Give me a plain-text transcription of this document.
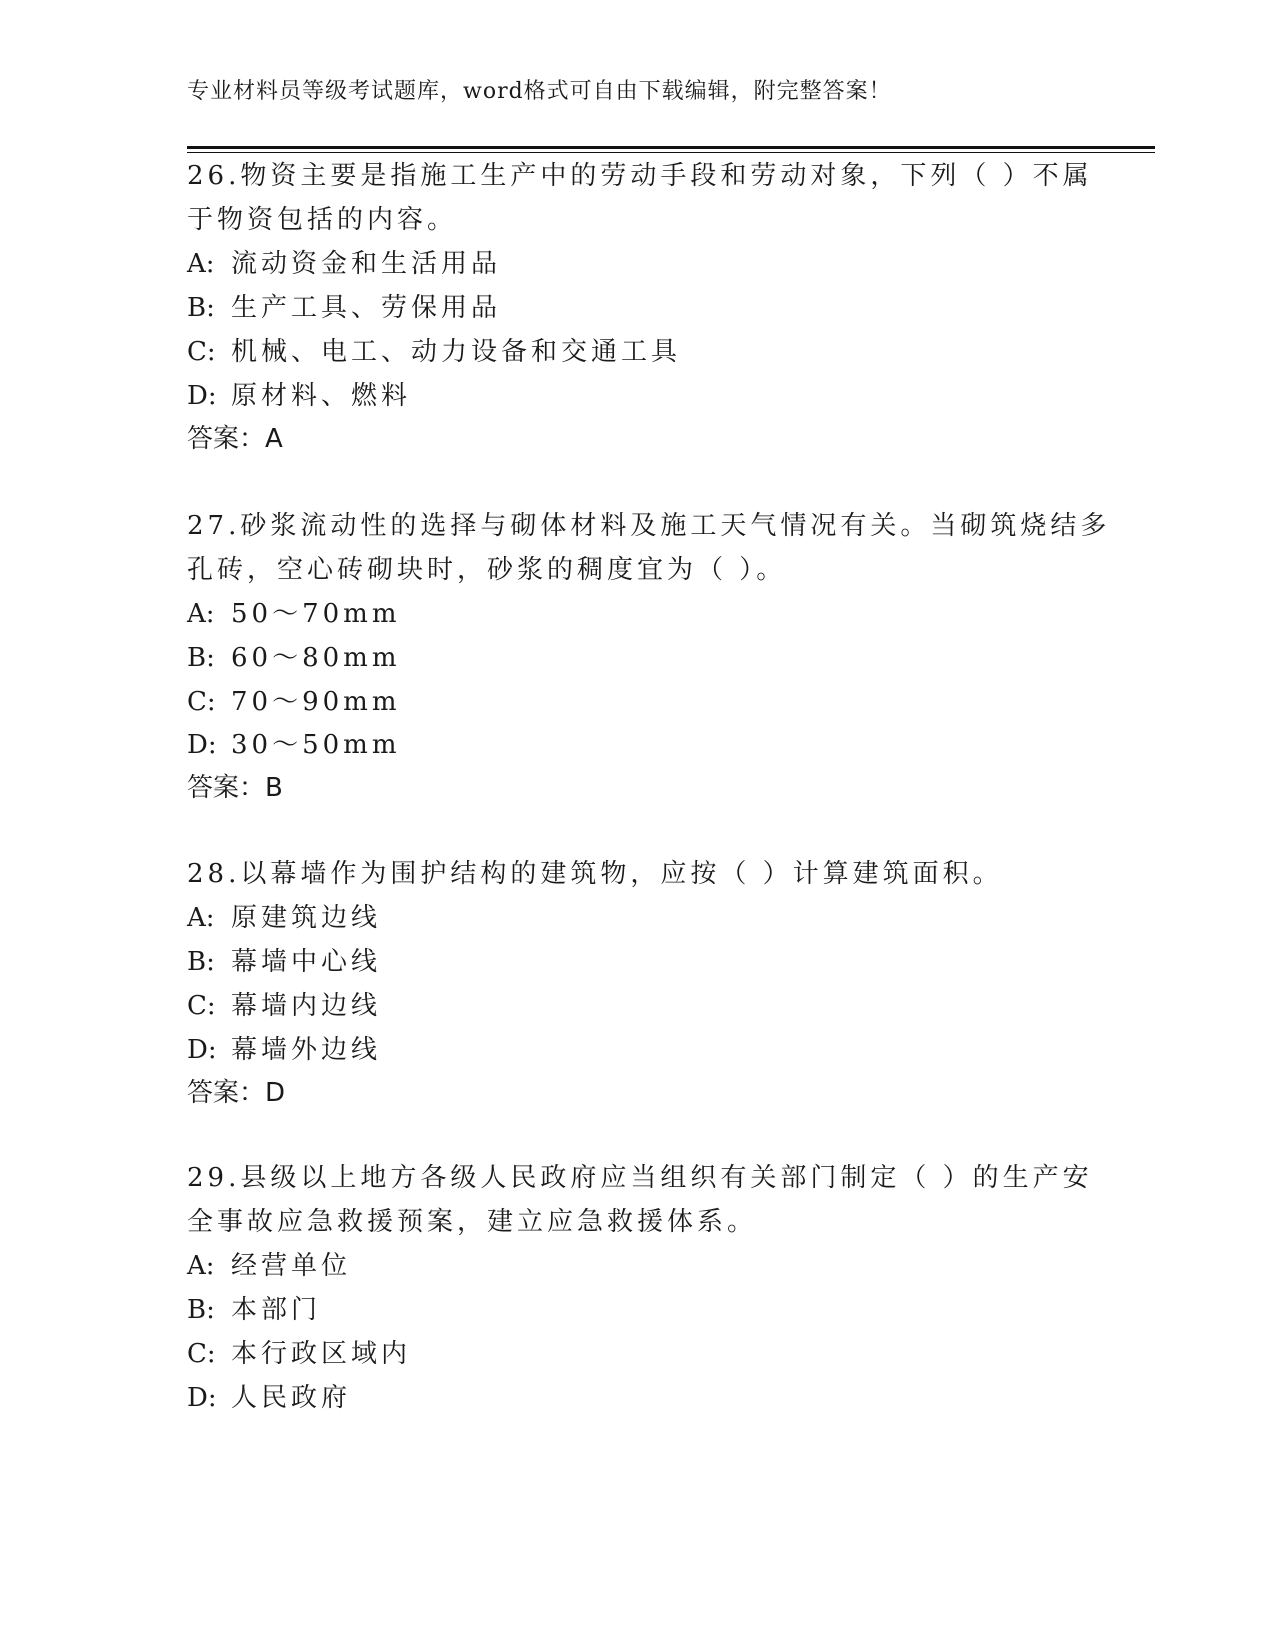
专业材料员等级考试题库，word格式可自由下载编辑，附完整答案！
26.物资主要是指施工生产中的劳动手段和劳动对象，下列（ ）不属
于物资包括的内容。
A: 流动资金和生活用品
B: 生产工具、劳保用品
C: 机械、电工、动力设备和交通工具
D: 原材料、燃料
答案：A
27.砂浆流动性的选择与砌体材料及施工天气情况有关。当砌筑烧结多
孔砖，空心砖砌块时，砂浆的稠度宜为（ ）。
A: 50～70mm
B: 60～80mm
C: 70～90mm
D: 30～50mm
答案：B
28.以幕墙作为围护结构的建筑物，应按（ ）计算建筑面积。
A: 原建筑边线
B: 幕墙中心线
C: 幕墙内边线
D: 幕墙外边线
答案：D
29.县级以上地方各级人民政府应当组织有关部门制定（ ）的生产安
全事故应急救援预案，建立应急救援体系。
A: 经营单位
B: 本部门
C: 本行政区域内
D: 人民政府
